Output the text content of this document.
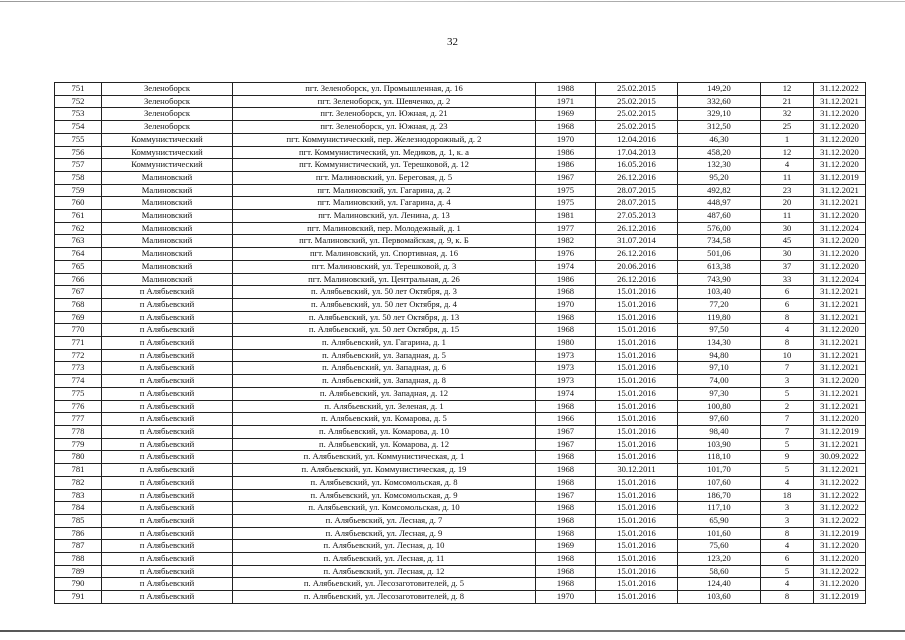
32
751	Зеленоборск	пгт. Зеленоборск, ул. Промышленная, д. 16	1988	25.02.2015	149,20	12	31.12.2022
752	Зеленоборск	пгт. Зеленоборск, ул. Шевченко, д. 2	1971	25.02.2015	332,60	21	31.12.2021
753	Зеленоборск	пгт. Зеленоборск, ул. Южная, д. 21	1969	25.02.2015	329,10	32	31.12.2020
754	Зеленоборск	пгт. Зеленоборск, ул. Южная, д. 23	1968	25.02.2015	312,50	25	31.12.2020
755	Коммунистический	пгт. Коммунистический, пер. Железнодорожный, д. 2	1970	12.04.2016	46,30	1	31.12.2020
756	Коммунистический	пгт. Коммунистический, ул. Медиков, д. 1, к. а	1986	17.04.2013	458,20	12	31.12.2020
757	Коммунистический	пгт. Коммунистический, ул. Терешковой, д. 12	1986	16.05.2016	132,30	4	31.12.2020
758	Малиновский	пгт. Малиновский, ул. Береговая, д. 5	1967	26.12.2016	95,20	11	31.12.2019
759	Малиновский	пгт. Малиновский, ул. Гагарина, д. 2	1975	28.07.2015	492,82	23	31.12.2021
760	Малиновский	пгт. Малиновский, ул. Гагарина, д. 4	1975	28.07.2015	448,97	20	31.12.2021
761	Малиновский	пгт. Малиновский, ул. Ленина, д. 13	1981	27.05.2013	487,60	11	31.12.2020
762	Малиновский	пгт. Малиновский, пер. Молодежный, д. 1	1977	26.12.2016	576,00	30	31.12.2024
763	Малиновский	пгт. Малиновский, ул. Первомайская, д. 9, к. Б	1982	31.07.2014	734,58	45	31.12.2020
764	Малиновский	пгт. Малиновский, ул. Спортивная, д. 16	1976	26.12.2016	501,06	30	31.12.2020
765	Малиновский	пгт. Малиновский, ул. Терешковой, д. 3	1974	20.06.2016	613,38	37	31.12.2020
766	Малиновский	пгт. Малиновский, ул. Центральная, д. 26	1986	26.12.2016	743,90	33	31.12.2024
767	п Алябьевский	п. Алябьевский, ул. 50 лет Октября, д. 3	1968	15.01.2016	103,40	6	31.12.2021
768	п Алябьевский	п. Алябьевский, ул. 50 лет Октября, д. 4	1970	15.01.2016	77,20	6	31.12.2021
769	п Алябьевский	п. Алябьевский, ул. 50 лет Октября, д. 13	1968	15.01.2016	119,80	8	31.12.2021
770	п Алябьевский	п. Алябьевский, ул. 50 лет Октября, д. 15	1968	15.01.2016	97,50	4	31.12.2020
771	п Алябьевский	п. Алябьевский, ул. Гагарина, д. 1	1980	15.01.2016	134,30	8	31.12.2021
772	п Алябьевский	п. Алябьевский, ул. Западная, д. 5	1973	15.01.2016	94,80	10	31.12.2021
773	п Алябьевский	п. Алябьевский, ул. Западная, д. 6	1973	15.01.2016	97,10	7	31.12.2021
774	п Алябьевский	п. Алябьевский, ул. Западная, д. 8	1973	15.01.2016	74,00	3	31.12.2020
775	п Алябьевский	п. Алябьевский, ул. Западная, д. 12	1974	15.01.2016	97,30	5	31.12.2021
776	п Алябьевский	п. Алябьевский, ул. Зеленая, д. 1	1968	15.01.2016	100,80	2	31.12.2021
777	п Алябьевский	п. Алябьевский, ул. Комарова, д. 5	1966	15.01.2016	97,60	7	31.12.2020
778	п Алябьевский	п. Алябьевский, ул. Комарова, д. 10	1967	15.01.2016	98,40	7	31.12.2019
779	п Алябьевский	п. Алябьевский, ул. Комарова, д. 12	1967	15.01.2016	103,90	5	31.12.2021
780	п Алябьевский	п. Алябьевский, ул. Коммунистическая, д. 1	1968	15.01.2016	118,10	9	30.09.2022
781	п Алябьевский	п. Алябьевский, ул. Коммунистическая, д. 19	1968	30.12.2011	101,70	5	31.12.2021
782	п Алябьевский	п. Алябьевский, ул. Комсомольская, д. 8	1968	15.01.2016	107,60	4	31.12.2022
783	п Алябьевский	п. Алябьевский, ул. Комсомольская, д. 9	1967	15.01.2016	186,70	18	31.12.2022
784	п Алябьевский	п. Алябьевский, ул. Комсомольская, д. 10	1968	15.01.2016	117,10	3	31.12.2022
785	п Алябьевский	п. Алябьевский, ул. Лесная, д. 7	1968	15.01.2016	65,90	3	31.12.2022
786	п Алябьевский	п. Алябьевский, ул. Лесная, д. 9	1968	15.01.2016	101,60	8	31.12.2019
787	п Алябьевский	п. Алябьевский, ул. Лесная, д. 10	1969	15.01.2016	75,60	4	31.12.2020
788	п Алябьевский	п. Алябьевский, ул. Лесная, д. 11	1968	15.01.2016	123,20	6	31.12.2020
789	п Алябьевский	п. Алябьевский, ул. Лесная, д. 12	1968	15.01.2016	58,60	5	31.12.2022
790	п Алябьевский	п. Алябьевский, ул. Лесозаготовителей, д. 5	1968	15.01.2016	124,40	4	31.12.2020
791	п Алябьевский	п. Алябьевский, ул. Лесозаготовителей, д. 8	1970	15.01.2016	103,60	8	31.12.2019
